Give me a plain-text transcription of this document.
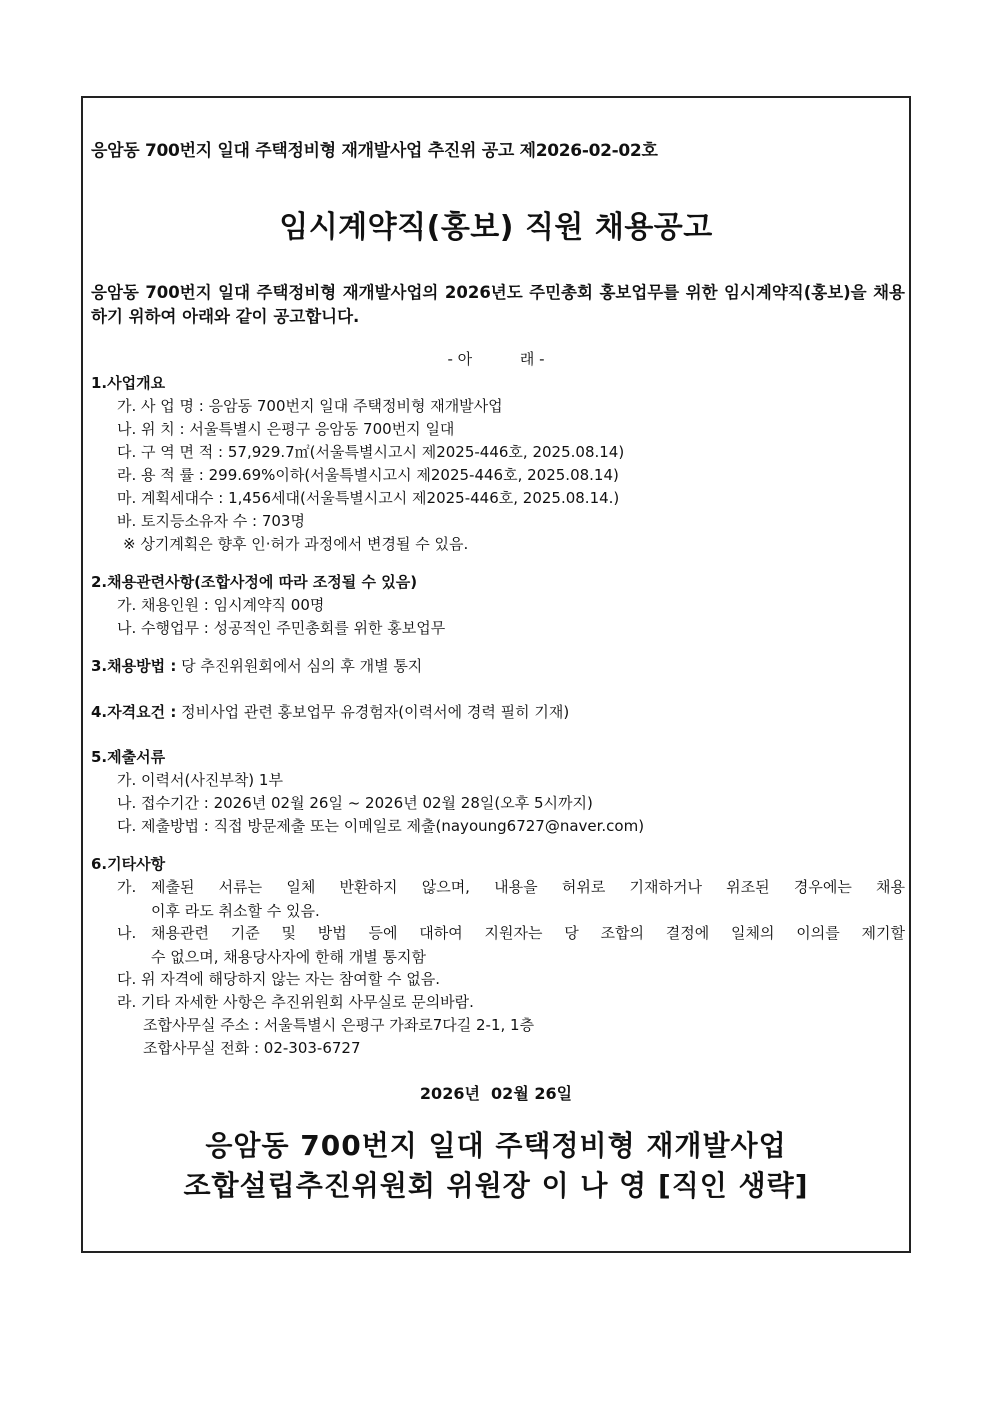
응암동 700번지 일대 주택정비형 재개발사업 추진위 공고 제2026-02-02호
임시계약직(홍보) 직원 채용공고
응암동 700번지 일대 주택정비형 재개발사업의 2026년도 주민총회 홍보업무를 위한 임시계약직(홍보)을 채용하기 위하여 아래와 같이 공고합니다.
- 아          래 -
1.사업개요
가. 사 업 명 : 응암동 700번지 일대 주택정비형 재개발사업
나. 위 치 : 서울특별시 은평구 응암동 700번지 일대
다. 구 역 면 적 : 57,929.7㎡(서울특별시고시 제2025-446호, 2025.08.14)
라. 용 적 률 : 299.69%이하(서울특별시고시 제2025-446호, 2025.08.14)
마. 계획세대수 : 1,456세대(서울특별시고시 제2025-446호, 2025.08.14.)
바. 토지등소유자 수 : 703명
※ 상기계획은 향후 인·허가 과정에서 변경될 수 있음.
2.채용관련사항(조합사정에 따라 조정될 수 있음)
가. 채용인원 : 임시계약직 00명
나. 수행업무 : 성공적인 주민총회를 위한 홍보업무
3.채용방법 : 당 추진위원회에서 심의 후 개별 통지
4.자격요건 : 정비사업 관련 홍보업무 유경험자(이력서에 경력 필히 기재)
5.제출서류
가. 이력서(사진부착) 1부
나. 접수기간 : 2026년 02월 26일 ~ 2026년 02월 28일(오후 5시까지)
다. 제출방법 : 직접 방문제출 또는 이메일로 제출(nayoung6727@naver.com)
6.기타사항
가. 제출된 서류는 일체 반환하지 않으며, 내용을 허위로 기재하거나 위조된 경우에는 채용
이후 라도 취소할 수 있음.
나. 채용관련 기준 및 방법 등에 대하여 지원자는 당 조합의 결정에 일체의 이의를 제기할
수 없으며, 채용당사자에 한해 개별 통지함
다. 위 자격에 해당하지 않는 자는 참여할 수 없음.
라. 기타 자세한 사항은 추진위원회 사무실로 문의바람.
조합사무실 주소 : 서울특별시 은평구 가좌로7다길 2-1, 1층
조합사무실 전화 : 02-303-6727
2026년  02월 26일
응암동 700번지 일대 주택정비형 재개발사업
조합설립추진위원회 위원장 이 나 영 [직인 생략]
